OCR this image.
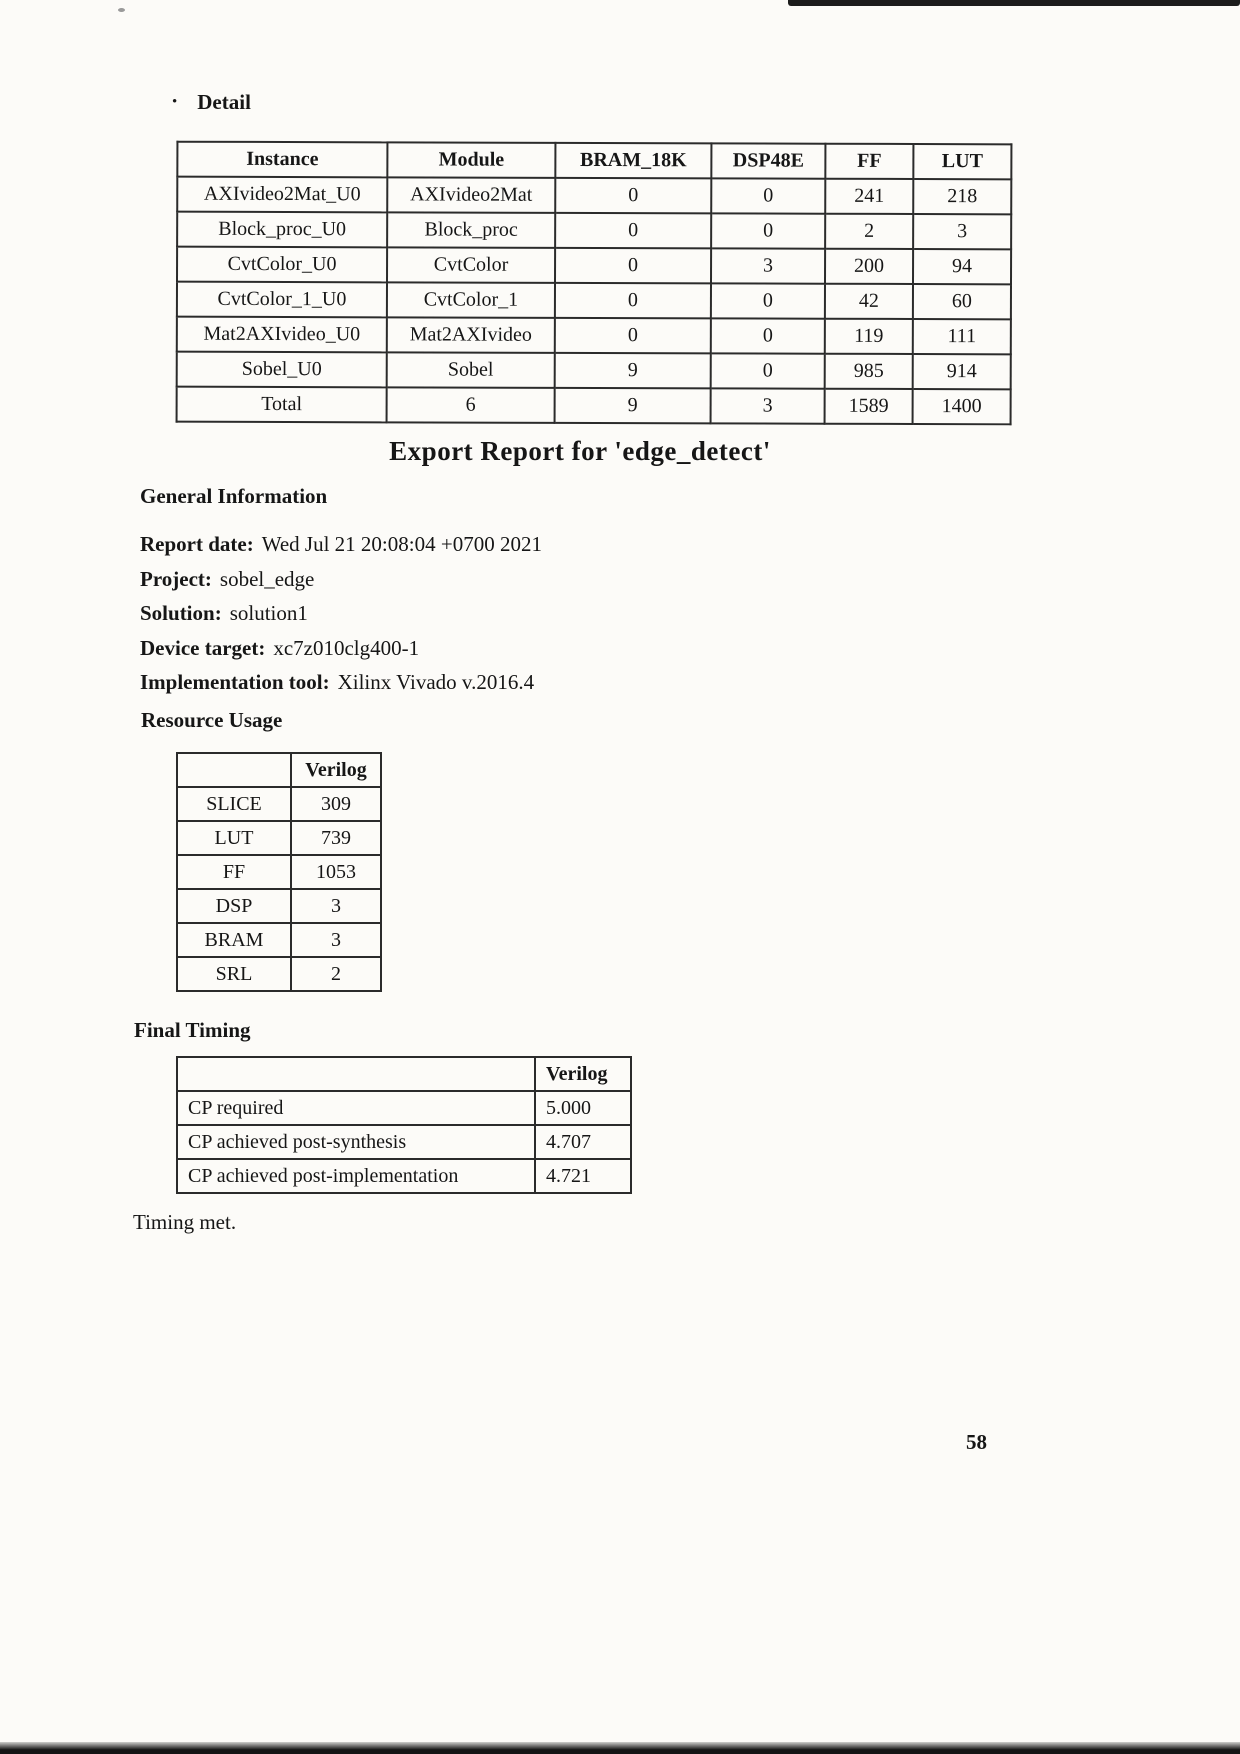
• Detail
Instance	Module	BRAM_18K	DSP48E	FF	LUT
AXIvideo2Mat_U0	AXIvideo2Mat	0	0	241	218
Block_proc_U0	Block_proc	0	0	2	3
CvtColor_U0	CvtColor	0	3	200	94
CvtColor_1_U0	CvtColor_1	0	0	42	60
Mat2AXIvideo_U0	Mat2AXIvideo	0	0	119	111
Sobel_U0	Sobel	9	0	985	914
Total	6	9	3	1589	1400
Export Report for 'edge_detect'
General Information
Report date: Wed Jul 21 20:08:04 +0700 2021
Project: sobel_edge
Solution: solution1
Device target: xc7z010clg400-1
Implementation tool: Xilinx Vivado v.2016.4
Resource Usage
	Verilog
SLICE	309
LUT	739
FF	1053
DSP	3
BRAM	3
SRL	2
Final Timing
	Verilog
CP required	5.000
CP achieved post-synthesis	4.707
CP achieved post-implementation	4.721
Timing met.
58
